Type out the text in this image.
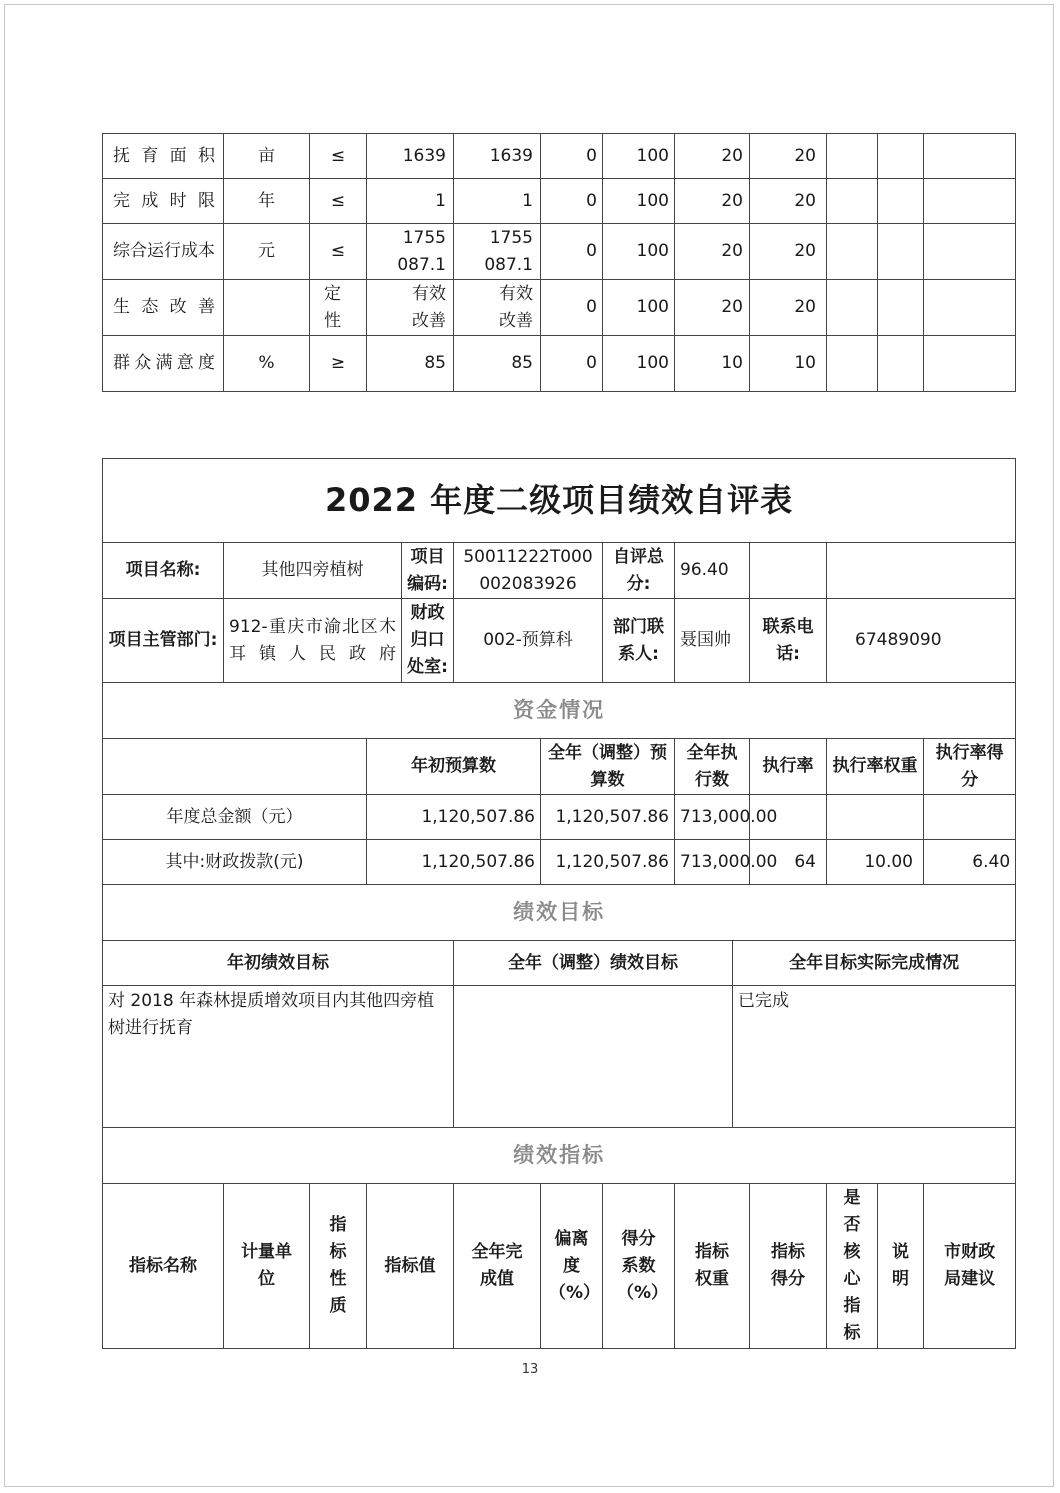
抚育面积	亩	≤	1639	1639	0	100	20	20			
完成时限	年	≤	1	1	0	100	20	20			
综合运行成本	元	≤	1755087.1	1755087.1	0	100	20	20			
生态改善		定性	有效改善	有效改善	0	100	20	20			
群众满意度	%	≥	85	85	0	100	10	10			
2022 年度二级项目绩效自评表													
项目名称:	其他四旁植树			项目编码:	50011222T000002083926		自评总分:	96.40					
项目主管部门:	912-重庆市渝北区木耳镇人民政府			财政归口处室:	002-预算科		部门联系人:	聂国帅		联系电话:	67489090		
资金情况													
			年初预算数			全年（调整）预算数		全年执行数		执行率	执行率权重		执行率得分
年度总金额（元）			1,120,507.86			1,120,507.86		713,000.00					
其中:财政拨款(元)			1,120,507.86			1,120,507.86		713,000.00		64	10.00		6.40
绩效目标													
年初绩效目标					全年（调整）绩效目标				全年目标实际完成情况				
对 2018 年森林提质增效项目内其他四旁植树进行抚育									已完成				
绩效指标													
指标名称	计量单位	指标性质	指标值		全年完成值	偏离度（%）	得分系数（%）	指标权重		指标得分	是否核心指标	说明	市财政局建议
13
